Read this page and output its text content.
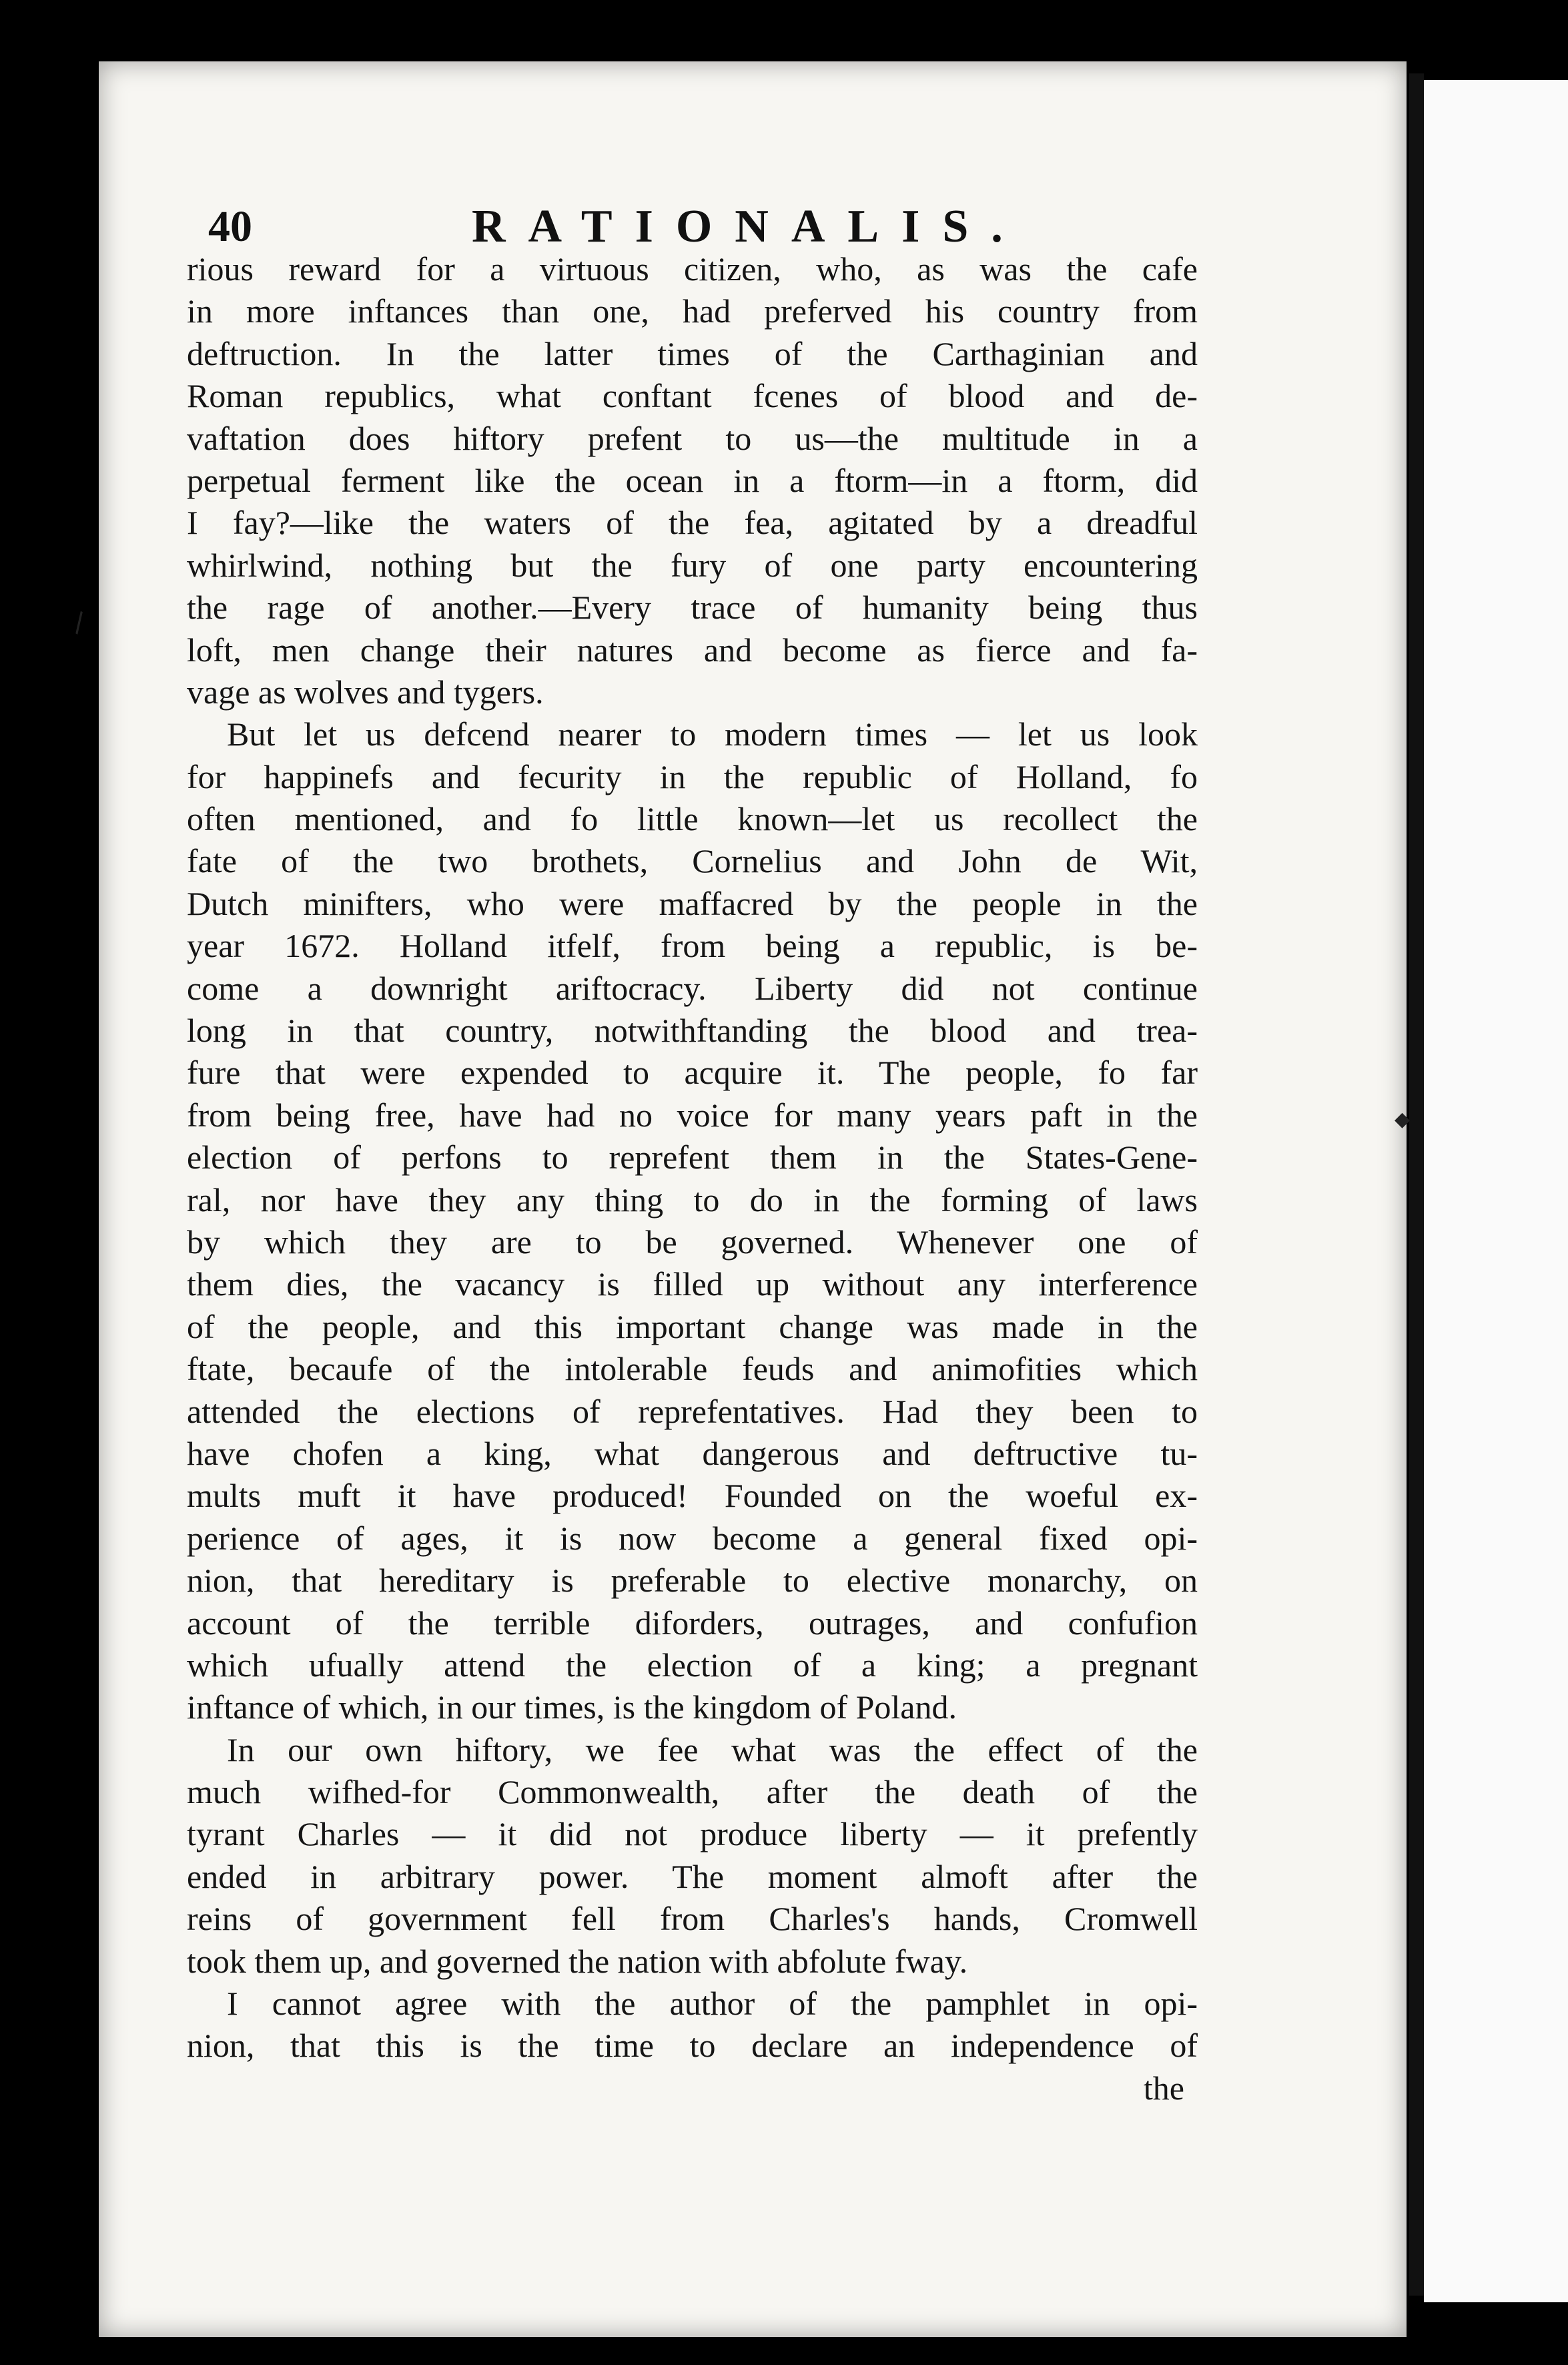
40	RATIONALIS.
\
◆
rious reward for a virtuous citizen, who, as was the cafe
in more inftances than one, had preferved his country from
deftruction. In the latter times of the Carthaginian and
Roman republics, what conftant fcenes of blood and de-
vaftation does hiftory prefent to us—the multitude in a
perpetual ferment like the ocean in a ftorm—in a ftorm, did
I fay?—like the waters of the fea, agitated by a dreadful
whirlwind, nothing but the fury of one party encountering
the rage of another.—Every trace of humanity being thus
loft, men change their natures and become as fierce and fa-
vage as wolves and tygers.
But let us defcend nearer to modern times — let us look
for happinefs and fecurity in the republic of Holland, fo
often mentioned, and fo little known—let us recollect the
fate of the two brothets, Cornelius and John de Wit,
Dutch minifters, who were maffacred by the people in the
year 1672. Holland itfelf, from being a republic, is be-
come a downright ariftocracy. Liberty did not continue
long in that country, notwithftanding the blood and trea-
fure that were expended to acquire it. The people, fo far
from being free, have had no voice for many years paft in the
election of perfons to reprefent them in the States-Gene-
ral, nor have they any thing to do in the forming of laws
by which they are to be governed. Whenever one of
them dies, the vacancy is filled up without any interference
of the people, and this important change was made in the
ftate, becaufe of the intolerable feuds and animofities which
attended the elections of reprefentatives. Had they been to
have chofen a king, what dangerous and deftructive tu-
mults muft it have produced! Founded on the woeful ex-
perience of ages, it is now become a general fixed opi-
nion, that hereditary is preferable to elective monarchy, on
account of the terrible diforders, outrages, and confufion
which ufually attend the election of a king; a pregnant
inftance of which, in our times, is the kingdom of Poland.
In our own hiftory, we fee what was the effect of the
much wifhed-for Commonwealth, after the death of the
tyrant Charles — it did not produce liberty — it prefently
ended in arbitrary power. The moment almoft after the
reins of government fell from Charles's hands, Cromwell
took them up, and governed the nation with abfolute fway.
I cannot agree with the author of the pamphlet in opi-
nion, that this is the time to declare an independence of
the
